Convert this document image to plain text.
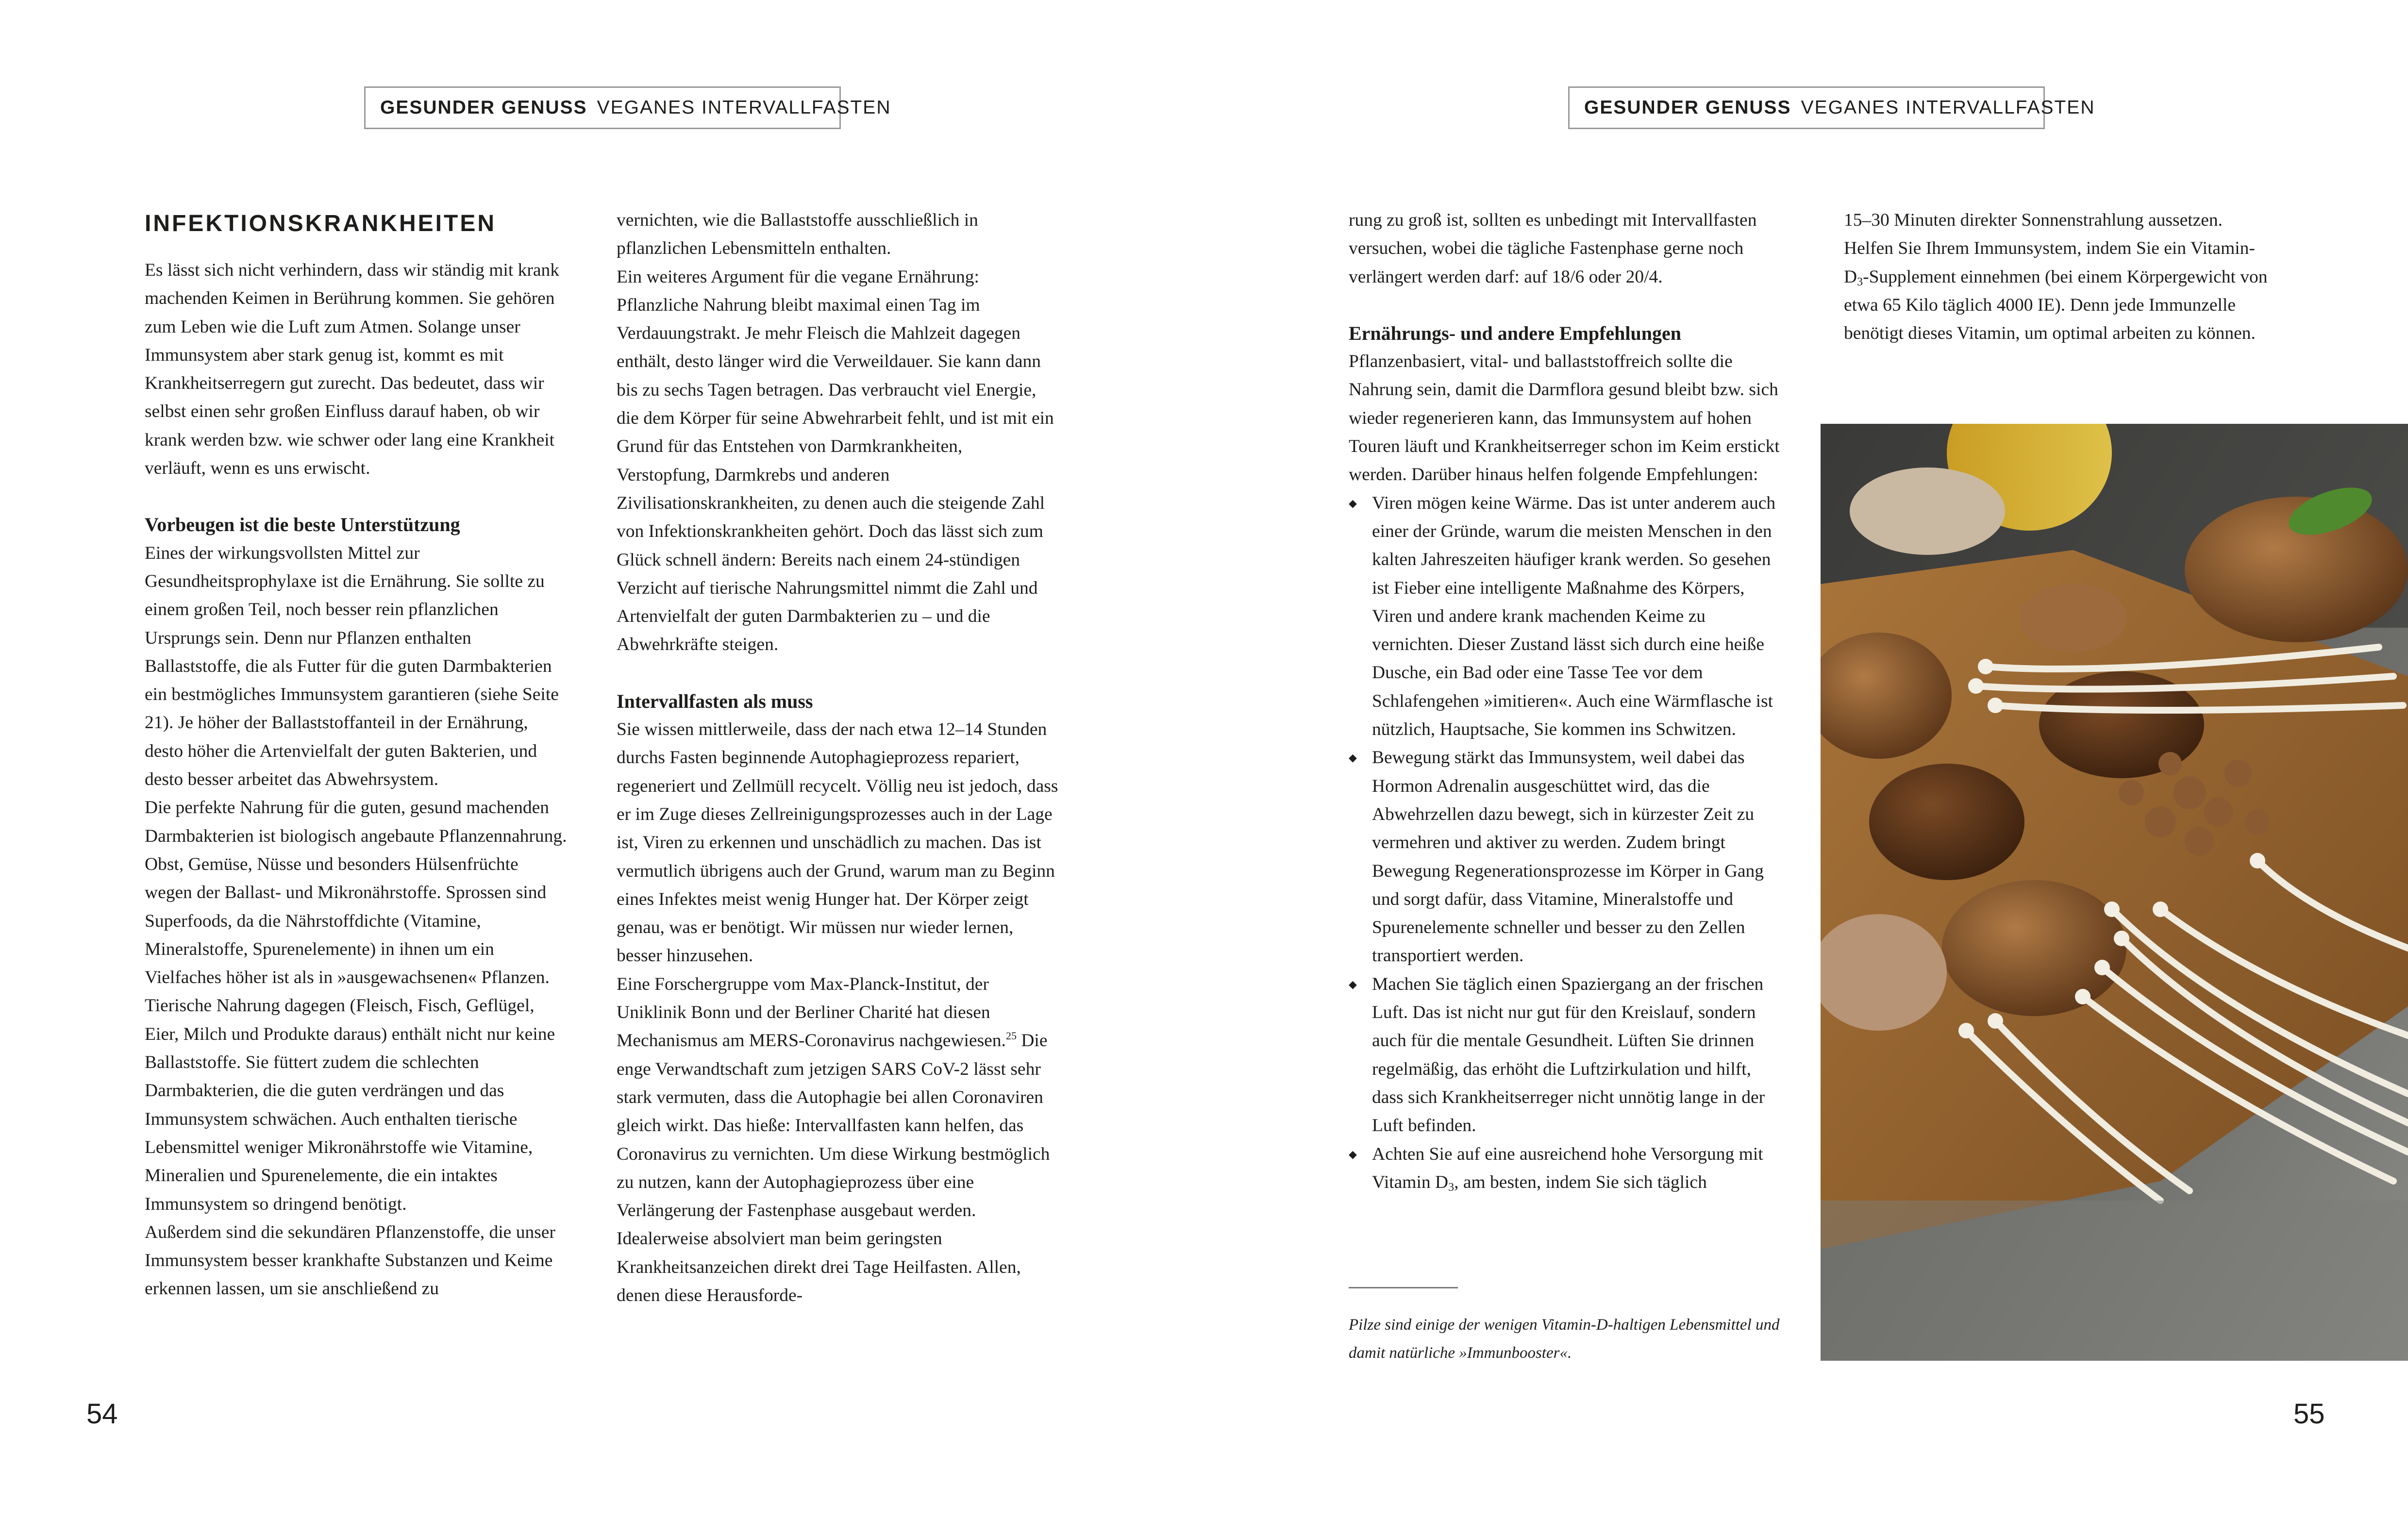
GESUNDER GENUSS VEGANES INTERVALLFASTEN
INFEKTIONSKRANKHEITEN

Es lässt sich nicht verhindern, dass wir ständig mit krank machenden Keimen in Berührung kommen. Sie gehören zum Leben wie die Luft zum Atmen. Solange unser Immunsystem aber stark genug ist, kommt es mit Krankheitserregern gut zurecht. Das bedeutet, dass wir selbst einen sehr großen Einfluss darauf haben, ob wir krank werden bzw. wie schwer oder lang eine Krankheit verläuft, wenn es uns erwischt.

Vorbeugen ist die beste Unterstützung

Eines der wirkungsvollsten Mittel zur Gesundheitsprophylaxe ist die Ernährung. Sie sollte zu einem großen Teil, noch besser rein pflanzlichen Ursprungs sein. Denn nur Pflanzen enthalten Ballaststoffe, die als Futter für die guten Darmbakterien ein bestmögliches Immunsystem garantieren (siehe Seite 21). Je höher der Ballaststoffanteil in der Ernährung, desto höher die Artenvielfalt der guten Bakterien, und desto besser arbeitet das Abwehrsystem.

Die perfekte Nahrung für die guten, gesund machenden Darmbakterien ist biologisch angebaute Pflanzennahrung. Obst, Gemüse, Nüsse und besonders Hülsenfrüchte wegen der Ballast- und Mikronährstoffe. Sprossen sind Superfoods, da die Nährstoffdichte (Vitamine, Mineralstoffe, Spurenelemente) in ihnen um ein Vielfaches höher ist als in »ausgewachsenen« Pflanzen.

Tierische Nahrung dagegen (Fleisch, Fisch, Geflügel, Eier, Milch und Produkte daraus) enthält nicht nur keine Ballaststoffe. Sie füttert zudem die schlechten Darmbakterien, die die guten verdrängen und das Immunsystem schwächen. Auch enthalten tierische Lebensmittel weniger Mikronährstoffe wie Vitamine, Mineralien und Spurenelemente, die ein intaktes Immunsystem so dringend benötigt.

Außerdem sind die sekundären Pflanzenstoffe, die unser Immunsystem besser krankhafte Substanzen und Keime erkennen lassen, um sie anschließend zu

vernichten, wie die Ballaststoffe ausschließlich in pflanzlichen Lebensmitteln enthalten.

Ein weiteres Argument für die vegane Ernährung: Pflanzliche Nahrung bleibt maximal einen Tag im Verdauungstrakt. Je mehr Fleisch die Mahlzeit dagegen enthält, desto länger wird die Verweildauer. Sie kann dann bis zu sechs Tagen betragen. Das verbraucht viel Energie, die dem Körper für seine Abwehrarbeit fehlt, und ist mit ein Grund für das Entstehen von Darmkrankheiten, Verstopfung, Darmkrebs und anderen Zivilisationskrankheiten, zu denen auch die steigende Zahl von Infektionskrankheiten gehört. Doch das lässt sich zum Glück schnell ändern: Bereits nach einem 24-stündigen Verzicht auf tierische Nahrungsmittel nimmt die Zahl und Artenvielfalt der guten Darmbakterien zu – und die Abwehrkräfte steigen.

Intervallfasten als muss

Sie wissen mittlerweile, dass der nach etwa 12–14 Stunden durchs Fasten beginnende Autophagieprozess repariert, regeneriert und Zellmüll recycelt. Völlig neu ist jedoch, dass er im Zuge dieses Zellreinigungsprozesses auch in der Lage ist, Viren zu erkennen und unschädlich zu machen. Das ist vermutlich übrigens auch der Grund, warum man zu Beginn eines Infektes meist wenig Hunger hat. Der Körper zeigt genau, was er benötigt. Wir müssen nur wieder lernen, besser hinzusehen.

Eine Forschergruppe vom Max-Planck-Institut, der Uniklinik Bonn und der Berliner Charité hat diesen Mechanismus am MERS-Coronavirus nachgewiesen.$^{25}$ Die enge Verwandtschaft zum jetzigen SARS CoV-2 lässt sehr stark vermuten, dass die Autophagie bei allen Coronaviren gleich wirkt. Das hieße: Intervallfasten kann helfen, das Coronavirus zu vernichten. Um diese Wirkung bestmöglich zu nutzen, kann der Autophagieprozess über eine Verlängerung der Fastenphase ausgebaut werden. Idealerweise absolviert man beim geringsten Krankheitsanzeichen direkt drei Tage Heilfasten. Allen, denen diese Herausforde-

54
GESUNDER GENUSS VEGANES INTERVALLFASTEN

rung zu groß ist, sollten es unbedingt mit Intervallfasten versuchen, wobei die tägliche Fastenphase gerne noch verlängert werden darf: auf 18/6 oder 20/4.

Ernährungs- und andere Empfehlungen

Pflanzenbasiert, vital- und ballaststoffreich sollte die Nahrung sein, damit die Darmflora gesund bleibt bzw. sich wieder regenerieren kann, das Immunsystem auf hohen Touren läuft und Krankheitserreger schon im Keim erstickt werden. Darüber hinaus helfen folgende Empfehlungen:

◆ Viren mögen keine Wärme. Das ist unter anderem auch einer der Gründe, warum die meisten Menschen in den kalten Jahreszeiten häufiger krank werden. So gesehen ist Fieber eine intelligente Maßnahme des Körpers, Viren und andere krank machenden Keime zu vernichten. Dieser Zustand lässt sich durch eine heiße Dusche, ein Bad oder eine Tasse Tee vor dem Schlafengehen »imitieren«. Auch eine Wärmflasche ist nützlich, Hauptsache, Sie kommen ins Schwitzen.
◆ Bewegung stärkt das Immunsystem, weil dabei das Hormon Adrenalin ausgeschüttet wird, das die Abwehrzellen dazu bewegt, sich in kürzester Zeit zu vermehren und aktiver zu werden. Zudem bringt Bewegung Regenerationsprozesse im Körper in Gang und sorgt dafür, dass Vitamine, Mineralstoffe und Spurenelemente schneller und besser zu den Zellen transportiert werden.
◆ Machen Sie täglich einen Spaziergang an der frischen Luft. Das ist nicht nur gut für den Kreislauf, sondern auch für die mentale Gesundheit. Lüften Sie drinnen regelmäßig, das erhöht die Luftzirkulation und hilft, dass sich Krankheitserreger nicht unnötig lange in der Luft befinden.
◆ Achten Sie auf eine ausreichend hohe Versorgung mit Vitamin $D_3$, am besten, indem Sie sich täglich
Pilze sind einige der wenigen Vitamin-D-haltigen Lebensmittel und damit natürliche »Immunbooster«.

15–30 Minuten direkter Sonnenstrahlung aussetzen. Helfen Sie Ihrem Immunsystem, indem Sie ein Vitamin-$D_3$-Supplement einnehmen (bei einem Körpergewicht von etwa 65 Kilo täglich 4000 IE). Denn jede Immunzelle benötigt dieses Vitamin, um optimal arbeiten zu können.

55
